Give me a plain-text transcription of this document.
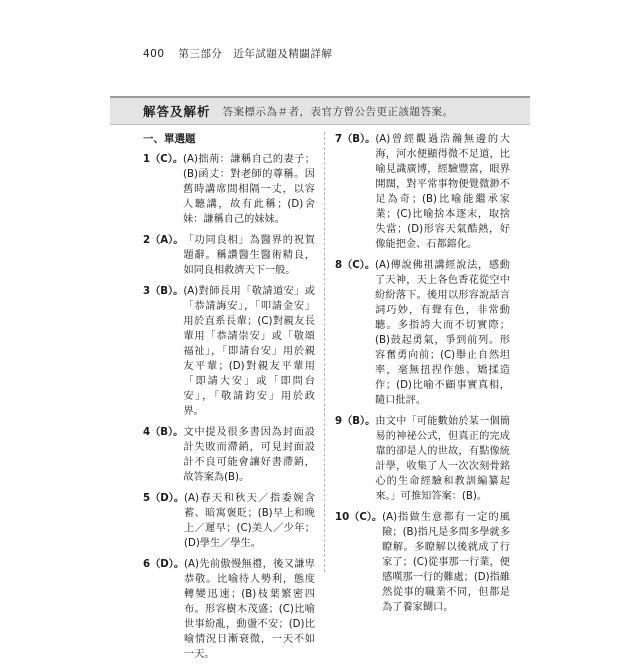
400 第三部分　近年試題及精闢詳解
解答及解析 答案標示為＃者，表官方曾公告更正該題答案。
一、單選題
1（C）。 (A)拙荊：謙稱自己的妻子；(B)函丈：對老師的尊稱。因舊時講席間相隔一丈，以容人聽講，故有此稱；(D)舍妹：謙稱自己的妹妹。
2（A）。 「功同良相」為醫界的祝賀題辭。稱讚醫生醫術精良，如同良相救濟天下一般。
3（B）。 (A)對師長用「敬請道安」或「恭請誨安」，「叩請金安」用於直系長輩；(C)對親友長輩用「恭請崇安」或「敬頌福祉」，「即請台安」用於親友平輩；(D)對親友平輩用「即請大安」或「即問台安」，「敬請鈞安」用於政界。
4（B）。 文中提及很多書因為封面設計失敗而滯銷，可見封面設計不良可能會讓好書滯銷，故答案為(B)。
5（D）。 (A)春天和秋天／指委婉含蓄、暗寓褒貶；(B)早上和晚上／遲早；(C)美人／少年；(D)學生／學生。
6（D）。 (A)先前傲慢無禮，後又謙卑恭敬。比喻待人勢利，態度轉變迅速；(B)枝葉繁密四布。形容樹木茂盛；(C)比喻世事紛亂，動盪不安；(D)比喻情況日漸衰微，一天不如一天。
7（B）。 (A)曾經觀過浩瀚無邊的大海，河水便顯得微不足道，比喻見識廣博，經驗豐富，眼界開闊，對平常事物便覺微渺不足為奇；(B)比喻能繼承家業；(C)比喻捨本逐末，取捨失當；(D)形容天氣酷熱，好像能把金、石都鎔化。
8（C）。 (A)傳說佛祖講經說法，感動了天神，天上各色香花從空中紛紛落下。後用以形容說話言詞巧妙，有聲有色，非常動聽。多指誇大而不切實際；(B)鼓起勇氣，爭到前列。形容奮勇向前；(C)舉止自然坦率，毫無扭捏作態、矯揉造作；(D)比喻不顧事實真相，隨口批評。
9（B）。 由文中「可能數始於某一個簡易的神祕公式，但真正的完成靠的卻是人的世故，有點像統計學，收集了人一次次刻骨銘心的生命經驗和教訓編纂起來。」可推知答案：(B)。
10（C）。 (A)指做生意都有一定的風險；(B)指凡是多問多學就多瞭解。多瞭解以後就成了行家了；(C)從事那一行業，便感嘆那一行的難處；(D)指雖然從事的職業不同，但都是為了養家餬口。
